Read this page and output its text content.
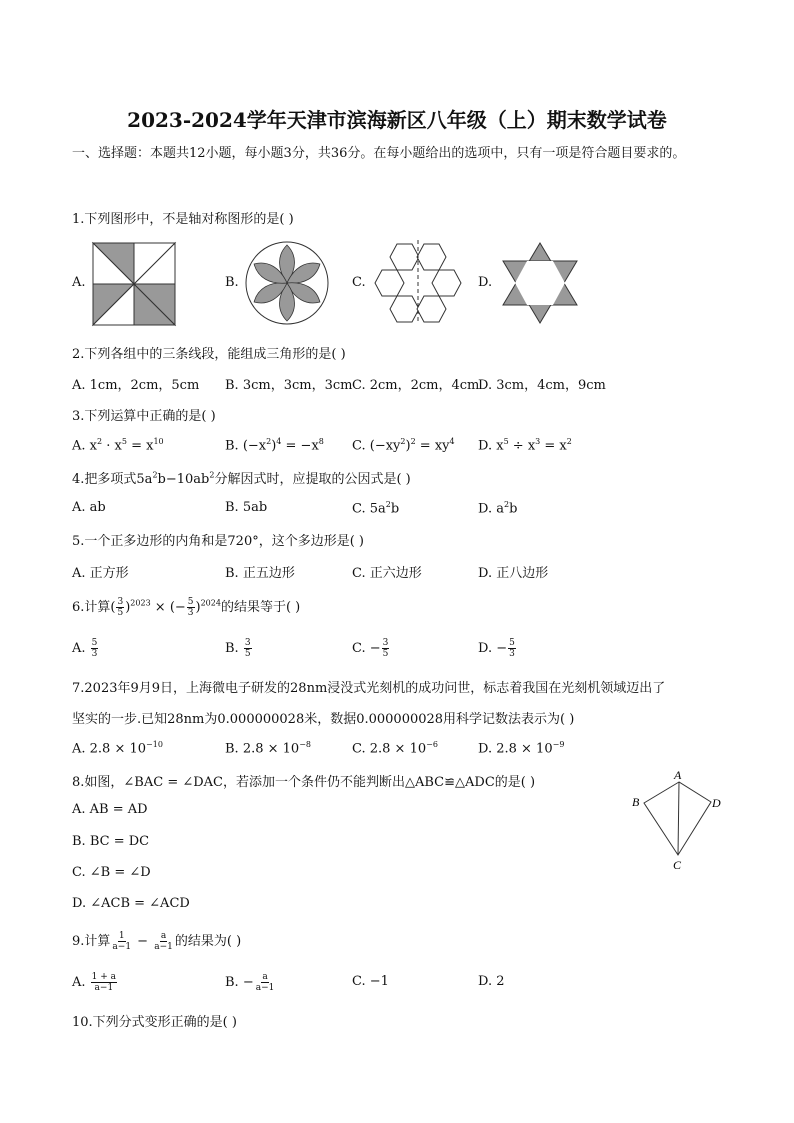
2023-2024学年天津市滨海新区八年级（上）期末数学试卷
一、选择题：本题共12小题，每小题3分，共36分。在每小题给出的选项中，只有一项是符合题目要求的。
1.下列图形中，不是轴对称图形的是( )
A.	B.	C.	D.
2.下列各组中的三条线段，能组成三角形的是( )
A. 1cm，2cm，5cm B. 3cm，3cm，3cm C. 2cm，2cm，4cm
D. 3cm，4cm，9cm
3.下列运算中正确的是( )
A. $x^2 \cdot x^5 = x^{10}$	B. $(-x^2)^4 = -x^8$ C. $(-xy^2)^2 = xy^4$ D. $x^5 \div x^3 = x^2$
4.把多项式$5a^2b-10ab^2$分解因式时，应提取的公因式是( )
A. ab	B. 5ab	C. $5a^2b$	D. $a^2b$
5.一个正多边形的内角和是720°，这个多边形是( )
A. 正方形	B. 正五边形	C. 正六边形	D. 正八边形
6.计算( $\frac{3}{5} )^{2023}$ × (− $\frac{5}{3} )^{2024}$的结果等于( )
A. $\frac{5}{3}$	B. $\frac{3}{5}$	C. − $\frac{3}{5}$	D. − $\frac{5}{3}$
7.2023年9月9日，上海微电子研发的28nm浸没式光刻机的成功问世，标志着我国在光刻机领域迈出了
坚实的一步.已知28nm为0.000000028米，数据0.000000028用科学记数法表示为( )
A. $2.8 \times 10^{-10}$	B. $2.8 \times 10^{-8}$	C. $2.8 \times 10^{-6}$	D. $2.8 \times 10^{-9}$
8.如图，∠BAC = ∠DAC，若添加一个条件仍不能判断出△ABC≌△ADC的是( )
A. AB = AD
B. BC = DC
C. ∠B = ∠D
D. ∠ACB = ∠ACD
A
B
C
D
9.计算 $\frac{1}{a-1} - \frac{a}{a-1}$ 的结果为( )
A. $\frac{1 + a}{a-1}$	B. − $\frac{a}{a-1}$	C. −1	D. 2
10.下列分式变形正确的是( )
